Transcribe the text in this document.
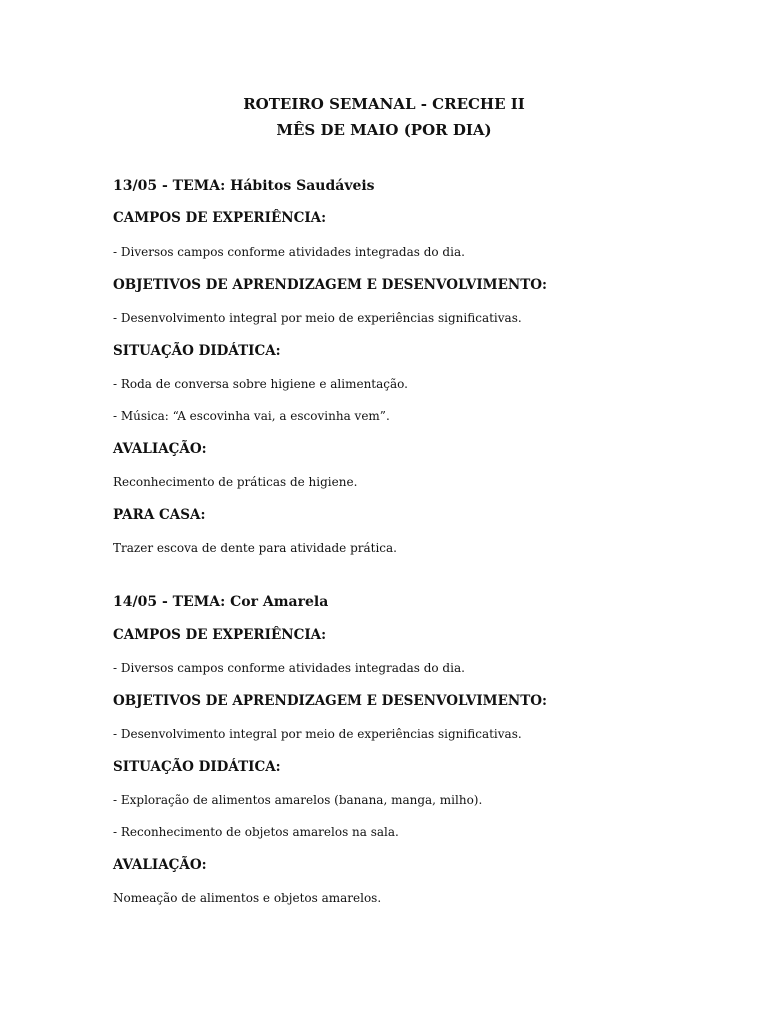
ROTEIRO SEMANAL - CRECHE II
MÊS DE MAIO (POR DIA)
13/05 - TEMA: Hábitos Saudáveis
CAMPOS DE EXPERIÊNCIA:
- Diversos campos conforme atividades integradas do dia.
OBJETIVOS DE APRENDIZAGEM E DESENVOLVIMENTO:
- Desenvolvimento integral por meio de experiências significativas.
SITUAÇÃO DIDÁTICA:
- Roda de conversa sobre higiene e alimentação.
- Música: “A escovinha vai, a escovinha vem”.
AVALIAÇÃO:
Reconhecimento de práticas de higiene.
PARA CASA:
Trazer escova de dente para atividade prática.
14/05 - TEMA: Cor Amarela
CAMPOS DE EXPERIÊNCIA:
- Diversos campos conforme atividades integradas do dia.
OBJETIVOS DE APRENDIZAGEM E DESENVOLVIMENTO:
- Desenvolvimento integral por meio de experiências significativas.
SITUAÇÃO DIDÁTICA:
- Exploração de alimentos amarelos (banana, manga, milho).
- Reconhecimento de objetos amarelos na sala.
AVALIAÇÃO:
Nomeação de alimentos e objetos amarelos.
